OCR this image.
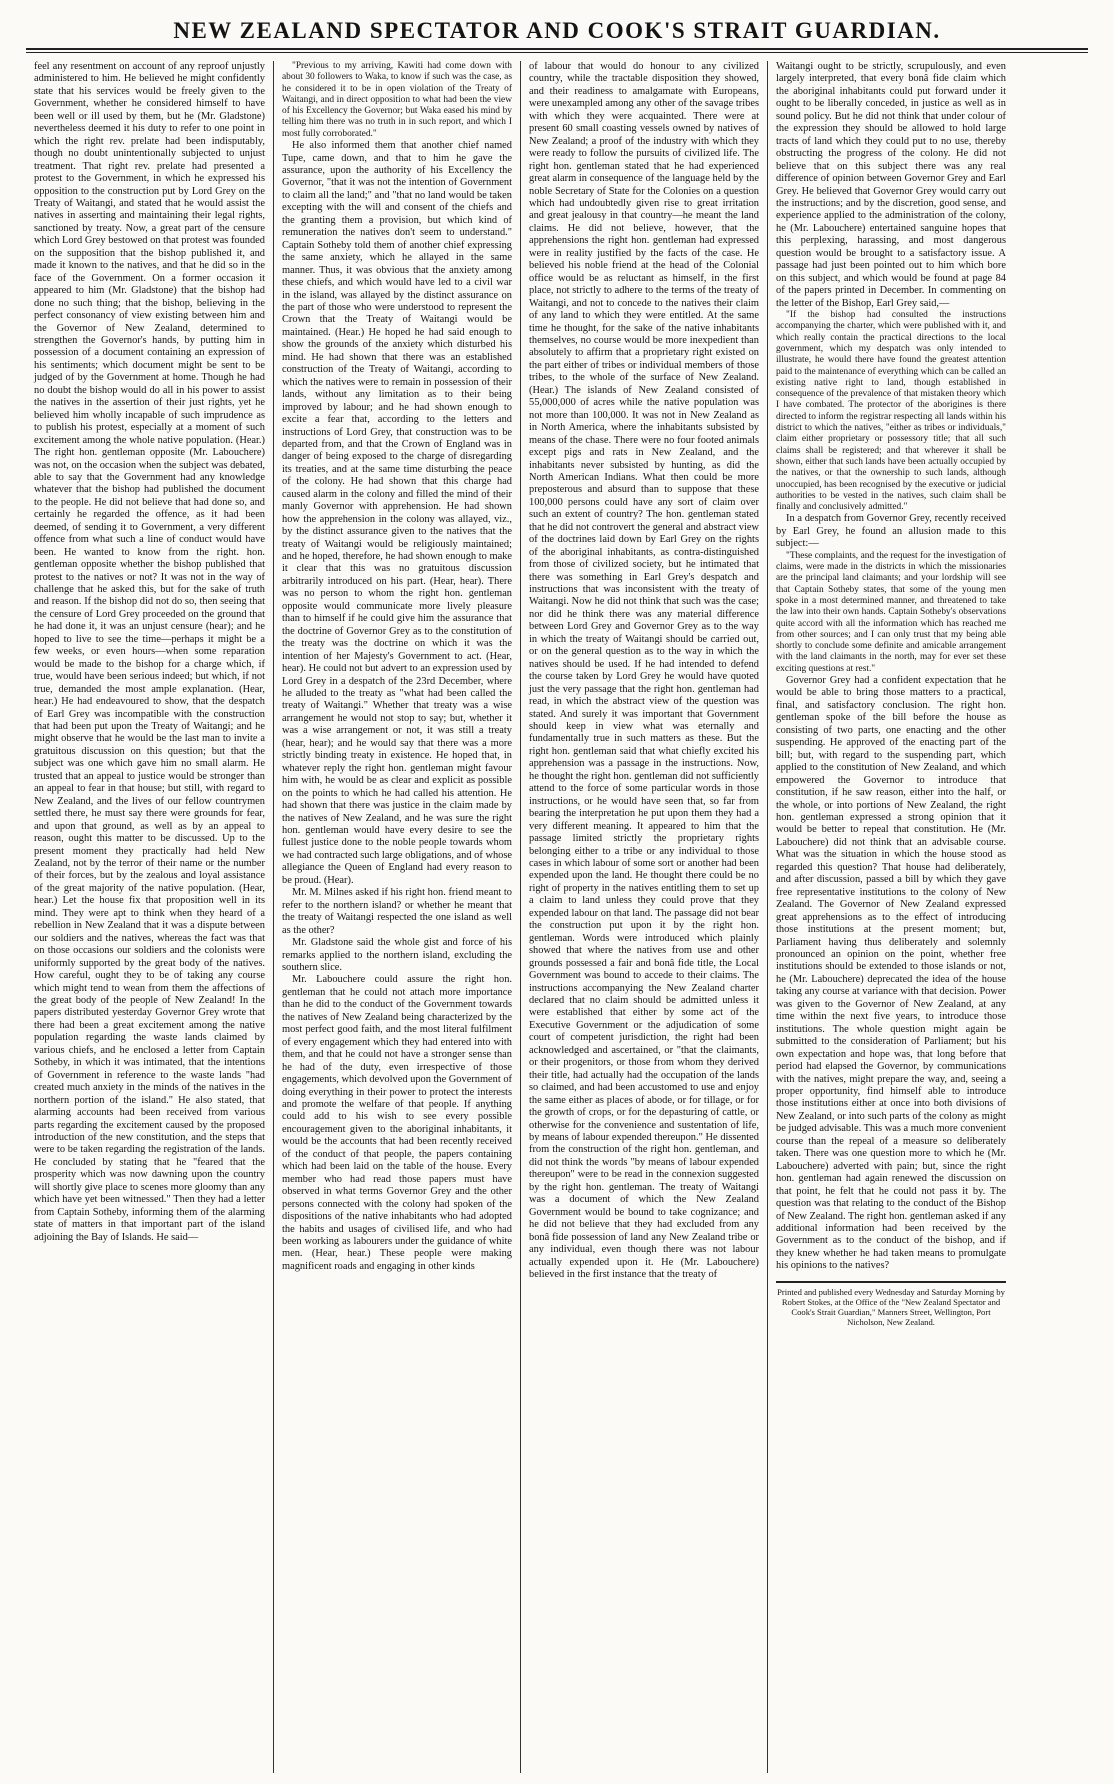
NEW ZEALAND SPECTATOR AND COOK'S STRAIT GUARDIAN.

feel any resentment on account of any reproof unjustly administered to him. He believed he might confidently state that his services would be freely given to the Government, whether he considered himself to have been well or ill used by them, but he (Mr. Gladstone) nevertheless deemed it his duty to refer to one point in which the right rev. prelate had been indisputably, though no doubt unintentionally subjected to unjust treatment. That right rev. prelate had presented a protest to the Government, in which he expressed his opposition to the construction put by Lord Grey on the Treaty of Waitangi, and stated that he would assist the natives in asserting and maintaining their legal rights, sanctioned by treaty. Now, a great part of the censure which Lord Grey bestowed on that protest was founded on the supposition that the bishop published it, and made it known to the natives, and that he did so in the face of the Government. On a former occasion it appeared to him (Mr. Gladstone) that the bishop had done no such thing; that the bishop, believing in the perfect consonancy of view existing between him and the Governor of New Zealand, determined to strengthen the Governor's hands, by putting him in possession of a document containing an expression of his sentiments; which document might be sent to be judged of by the Government at home. Though he had no doubt the bishop would do all in his power to assist the natives in the assertion of their just rights, yet he believed him wholly incapable of such imprudence as to publish his protest, especially at a moment of such excitement among the whole native population. (Hear.) The right hon. gentleman opposite (Mr. Labouchere) was not, on the occasion when the subject was debated, able to say that the Government had any knowledge whatever that the bishop had published the document to the people. He did not believe that had done so, and certainly he regarded the offence, as it had been deemed, of sending it to Government, a very different offence from what such a line of conduct would have been. He wanted to know from the right. hon. gentleman opposite whether the bishop published that protest to the natives or not? It was not in the way of challenge that he asked this, but for the sake of truth and reason. If the bishop did not do so, then seeing that the censure of Lord Grey proceeded on the ground that he had done it, it was an unjust censure (hear); and he hoped to live to see the time—perhaps it might be a few weeks, or even hours—when some reparation would be made to the bishop for a charge which, if true, would have been serious indeed; but which, if not true, demanded the most ample explanation. (Hear, hear.) He had endeavoured to show, that the despatch of Earl Grey was incompatible with the construction that had been put upon the Treaty of Waitangi; and he might observe that he would be the last man to invite a gratuitous discussion on this question; but that the subject was one which gave him no small alarm. He trusted that an appeal to justice would be stronger than an appeal to fear in that house; but still, with regard to New Zealand, and the lives of our fellow countrymen settled there, he must say there were grounds for fear, and upon that ground, as well as by an appeal to reason, ought this matter to be discussed. Up to the present moment they practically had held New Zealand, not by the terror of their name or the number of their forces, but by the zealous and loyal assistance of the great majority of the native population. (Hear, hear.) Let the house fix that proposition well in its mind. They were apt to think when they heard of a rebellion in New Zealand that it was a dispute between our soldiers and the natives, whereas the fact was that on those occasions our soldiers and the colonists were uniformly supported by the great body of the natives. How careful, ought they to be of taking any course which might tend to wean from them the affections of the great body of the people of New Zealand! In the papers distributed yesterday Governor Grey wrote that there had been a great excitement among the native population regarding the waste lands claimed by various chiefs, and he enclosed a letter from Captain Sotheby, in which it was intimated, that the intentions of Government in reference to the waste lands "had created much anxiety in the minds of the natives in the northern portion of the island." He also stated, that alarming accounts had been received from various parts regarding the excitement caused by the proposed introduction of the new constitution, and the steps that were to be taken regarding the registration of the lands. He concluded by stating that he "feared that the prosperity which was now dawning upon the country will shortly give place to scenes more gloomy than any which have yet been witnessed." Then they had a letter from Captain Sotheby, informing them of the alarming state of matters in that important part of the island adjoining the Bay of Islands. He said—

"Previous to my arriving, Kawiti had come down with about 30 followers to Waka, to know if such was the case, as he considered it to be in open violation of the Treaty of Waitangi, and in direct opposition to what had been the view of his Excellency the Governor; but Waka eased his mind by telling him there was no truth in in such report, and which I most fully corroborated."

He also informed them that another chief named Tupe, came down, and that to him he gave the assurance, upon the authority of his Excellency the Governor, "that it was not the intention of Government to claim all the land;" and "that no land would be taken excepting with the will and consent of the chiefs and the granting them a provision, but which kind of remuneration the natives don't seem to understand." Captain Sotheby told them of another chief expressing the same anxiety, which he allayed in the same manner. Thus, it was obvious that the anxiety among these chiefs, and which would have led to a civil war in the island, was allayed by the distinct assurance on the part of those who were understood to represent the Crown that the Treaty of Waitangi would be maintained. (Hear.) He hoped he had said enough to show the grounds of the anxiety which disturbed his mind. He had shown that there was an established construction of the Treaty of Waitangi, according to which the natives were to remain in possession of their lands, without any limitation as to their being improved by labour; and he had shown enough to excite a fear that, according to the letters and instructions of Lord Grey, that construction was to be departed from, and that the Crown of England was in danger of being exposed to the charge of disregarding its treaties, and at the same time disturbing the peace of the colony. He had shown that this charge had caused alarm in the colony and filled the mind of their manly Governor with apprehension. He had shown how the apprehension in the colony was allayed, viz., by the distinct assurance given to the natives that the treaty of Waitangi would be religiously maintained; and he hoped, therefore, he had shown enough to make it clear that this was no gratuitous discussion arbitrarily introduced on his part. (Hear, hear). There was no person to whom the right hon. gentleman opposite would communicate more lively pleasure than to himself if he could give him the assurance that the doctrine of Governor Grey as to the constitution of the treaty was the doctrine on which it was the intention of her Majesty's Government to act. (Hear, hear). He could not but advert to an expression used by Lord Grey in a despatch of the 23rd December, where he alluded to the treaty as "what had been called the treaty of Waitangi." Whether that treaty was a wise arrangement he would not stop to say; but, whether it was a wise arrangement or not, it was still a treaty (hear, hear); and he would say that there was a more strictly binding treaty in existence. He hoped that, in whatever reply the right hon. gentleman might favour him with, he would be as clear and explicit as possible on the points to which he had called his attention. He had shown that there was justice in the claim made by the natives of New Zealand, and he was sure the right hon. gentleman would have every desire to see the fullest justice done to the noble people towards whom we had contracted such large obligations, and of whose allegiance the Queen of England had every reason to be proud. (Hear).

Mr. M. Milnes asked if his right hon. friend meant to refer to the northern island? or whether he meant that the treaty of Waitangi respected the one island as well as the other?

Mr. Gladstone said the whole gist and force of his remarks applied to the northern island, excluding the southern slice.

Mr. Labouchere could assure the right hon. gentleman that he could not attach more importance than he did to the conduct of the Government towards the natives of New Zealand being characterized by the most perfect good faith, and the most literal fulfilment of every engagement which they had entered into with them, and that he could not have a stronger sense than he had of the duty, even irrespective of those engagements, which devolved upon the Government of doing everything in their power to protect the interests and promote the welfare of that people. If anything could add to his wish to see every possible encouragement given to the aboriginal inhabitants, it would be the accounts that had been recently received of the conduct of that people, the papers containing which had been laid on the table of the house. Every member who had read those papers must have observed in what terms Governor Grey and the other persons connected with the colony had spoken of the dispositions of the native inhabitants who had adopted the habits and usages of civilised life, and who had been working as labourers under the guidance of white men. (Hear, hear.) These people were making magnificent roads and engaging in other kinds

of labour that would do honour to any civilized country, while the tractable disposition they showed, and their readiness to amalgamate with Europeans, were unexampled among any other of the savage tribes with which they were acquainted. There were at present 60 small coasting vessels owned by natives of New Zealand; a proof of the industry with which they were ready to follow the pursuits of civilized life. The right hon. gentleman stated that he had experienced great alarm in consequence of the language held by the noble Secretary of State for the Colonies on a question which had undoubtedly given rise to great irritation and great jealousy in that country—he meant the land claims. He did not believe, however, that the apprehensions the right hon. gentleman had expressed were in reality justified by the facts of the case. He believed his noble friend at the head of the Colonial office would be as reluctant as himself, in the first place, not strictly to adhere to the terms of the treaty of Waitangi, and not to concede to the natives their claim of any land to which they were entitled. At the same time he thought, for the sake of the native inhabitants themselves, no course would be more inexpedient than absolutely to affirm that a proprietary right existed on the part either of tribes or individual members of those tribes, to the whole of the surface of New Zealand. (Hear.) The islands of New Zealand consisted of 55,000,000 of acres while the native population was not more than 100,000. It was not in New Zealand as in North America, where the inhabitants subsisted by means of the chase. There were no four footed animals except pigs and rats in New Zealand, and the inhabitants never subsisted by hunting, as did the North American Indians. What then could be more preposterous and absurd than to suppose that these 100,000 persons could have any sort of claim over such an extent of country? The hon. gentleman stated that he did not controvert the general and abstract view of the doctrines laid down by Earl Grey on the rights of the aboriginal inhabitants, as contra-distinguished from those of civilized society, but he intimated that there was something in Earl Grey's despatch and instructions that was inconsistent with the treaty of Waitangi. Now he did not think that such was the case; nor did he think there was any material difference between Lord Grey and Governor Grey as to the way in which the treaty of Waitangi should be carried out, or on the general question as to the way in which the natives should be used. If he had intended to defend the course taken by Lord Grey he would have quoted just the very passage that the right hon. gentleman had read, in which the abstract view of the question was stated. And surely it was important that Government should keep in view what was eternally and fundamentally true in such matters as these. But the right hon. gentleman said that what chiefly excited his apprehension was a passage in the instructions. Now, he thought the right hon. gentleman did not sufficiently attend to the force of some particular words in those instructions, or he would have seen that, so far from bearing the interpretation he put upon them they had a very different meaning. It appeared to him that the passage limited strictly the proprietary rights belonging either to a tribe or any individual to those cases in which labour of some sort or another had been expended upon the land. He thought there could be no right of property in the natives entitling them to set up a claim to land unless they could prove that they expended labour on that land. The passage did not bear the construction put upon it by the right hon. gentleman. Words were introduced which plainly showed that where the natives from use and other grounds possessed a fair and bonâ fide title, the Local Government was bound to accede to their claims. The instructions accompanying the New Zealand charter declared that no claim should be admitted unless it were established that either by some act of the Executive Government or the adjudication of some court of competent jurisdiction, the right had been acknowledged and ascertained, or "that the claimants, or their progenitors, or those from whom they derived their title, had actually had the occupation of the lands so claimed, and had been accustomed to use and enjoy the same either as places of abode, or for tillage, or for the growth of crops, or for the depasturing of cattle, or otherwise for the convenience and sustentation of life, by means of labour expended thereupon." He dissented from the construction of the right hon. gentleman, and did not think the words "by means of labour expended thereupon" were to be read in the connexion suggested by the right hon. gentleman. The treaty of Waitangi was a document of which the New Zealand Government would be bound to take cognizance; and he did not believe that they had excluded from any bonâ fide possession of land any New Zealand tribe or any individual, even though there was not labour actually expended upon it. He (Mr. Labouchere) believed in the first instance that the treaty of

Waitangi ought to be strictly, scrupulously, and even largely interpreted, that every bonâ fide claim which the aboriginal inhabitants could put forward under it ought to be liberally conceded, in justice as well as in sound policy. But he did not think that under colour of the expression they should be allowed to hold large tracts of land which they could put to no use, thereby obstructing the progress of the colony. He did not believe that on this subject there was any real difference of opinion between Governor Grey and Earl Grey. He believed that Governor Grey would carry out the instructions; and by the discretion, good sense, and experience applied to the administration of the colony, he (Mr. Labouchere) entertained sanguine hopes that this perplexing, harassing, and most dangerous question would be brought to a satisfactory issue. A passage had just been pointed out to him which bore on this subject, and which would be found at page 84 of the papers printed in December. In commenting on the letter of the Bishop, Earl Grey said,—

"If the bishop had consulted the instructions accompanying the charter, which were published with it, and which really contain the practical directions to the local government, which my despatch was only intended to illustrate, he would there have found the greatest attention paid to the maintenance of everything which can be called an existing native right to land, though established in consequence of the prevalence of that mistaken theory which I have combated. The protector of the aborigines is there directed to inform the registrar respecting all lands within his district to which the natives, "either as tribes or individuals," claim either proprietary or possessory title; that all such claims shall be registered; and that wherever it shall be shown, either that such lands have been actually occupied by the natives, or that the ownership to such lands, although unoccupied, has been recognised by the executive or judicial authorities to be vested in the natives, such claim shall be finally and conclusively admitted."

In a despatch from Governor Grey, recently received by Earl Grey, he found an allusion made to this subject:—

"These complaints, and the request for the investigation of claims, were made in the districts in which the missionaries are the principal land claimants; and your lordship will see that Captain Sotheby states, that some of the young men spoke in a most determined manner, and threatened to take the law into their own hands. Captain Sotheby's observations quite accord with all the information which has reached me from other sources; and I can only trust that my being able shortly to conclude some definite and amicable arrangement with the land claimants in the north, may for ever set these exciting questions at rest."

Governor Grey had a confident expectation that he would be able to bring those matters to a practical, final, and satisfactory conclusion. The right hon. gentleman spoke of the bill before the house as consisting of two parts, one enacting and the other suspending. He approved of the enacting part of the bill; but, with regard to the suspending part, which applied to the constitution of New Zealand, and which empowered the Governor to introduce that constitution, if he saw reason, either into the half, or the whole, or into portions of New Zealand, the right hon. gentleman expressed a strong opinion that it would be better to repeal that constitution. He (Mr. Labouchere) did not think that an advisable course. What was the situation in which the house stood as regarded this question? That house had deliberately, and after discussion, passed a bill by which they gave free representative institutions to the colony of New Zealand. The Governor of New Zealand expressed great apprehensions as to the effect of introducing those institutions at the present moment; but, Parliament having thus deliberately and solemnly pronounced an opinion on the point, whether free institutions should be extended to those islands or not, he (Mr. Labouchere) deprecated the idea of the house taking any course at variance with that decision. Power was given to the Governor of New Zealand, at any time within the next five years, to introduce those institutions. The whole question might again be submitted to the consideration of Parliament; but his own expectation and hope was, that long before that period had elapsed the Governor, by communications with the natives, might prepare the way, and, seeing a proper opportunity, find himself able to introduce those institutions either at once into both divisions of New Zealand, or into such parts of the colony as might be judged advisable. This was a much more convenient course than the repeal of a measure so deliberately taken. There was one question more to which he (Mr. Labouchere) adverted with pain; but, since the right hon. gentleman had again renewed the discussion on that point, he felt that he could not pass it by. The question was that relating to the conduct of the Bishop of New Zealand. The right hon. gentleman asked if any additional information had been received by the Government as to the conduct of the bishop, and if they knew whether he had taken means to promulgate his opinions to the natives?

Printed and published every Wednesday and Saturday Morning by Robert Stokes, at the Office of the "New Zealand Spectator and Cook's Strait Guardian," Manners Street, Wellington, Port Nicholson, New Zealand.
